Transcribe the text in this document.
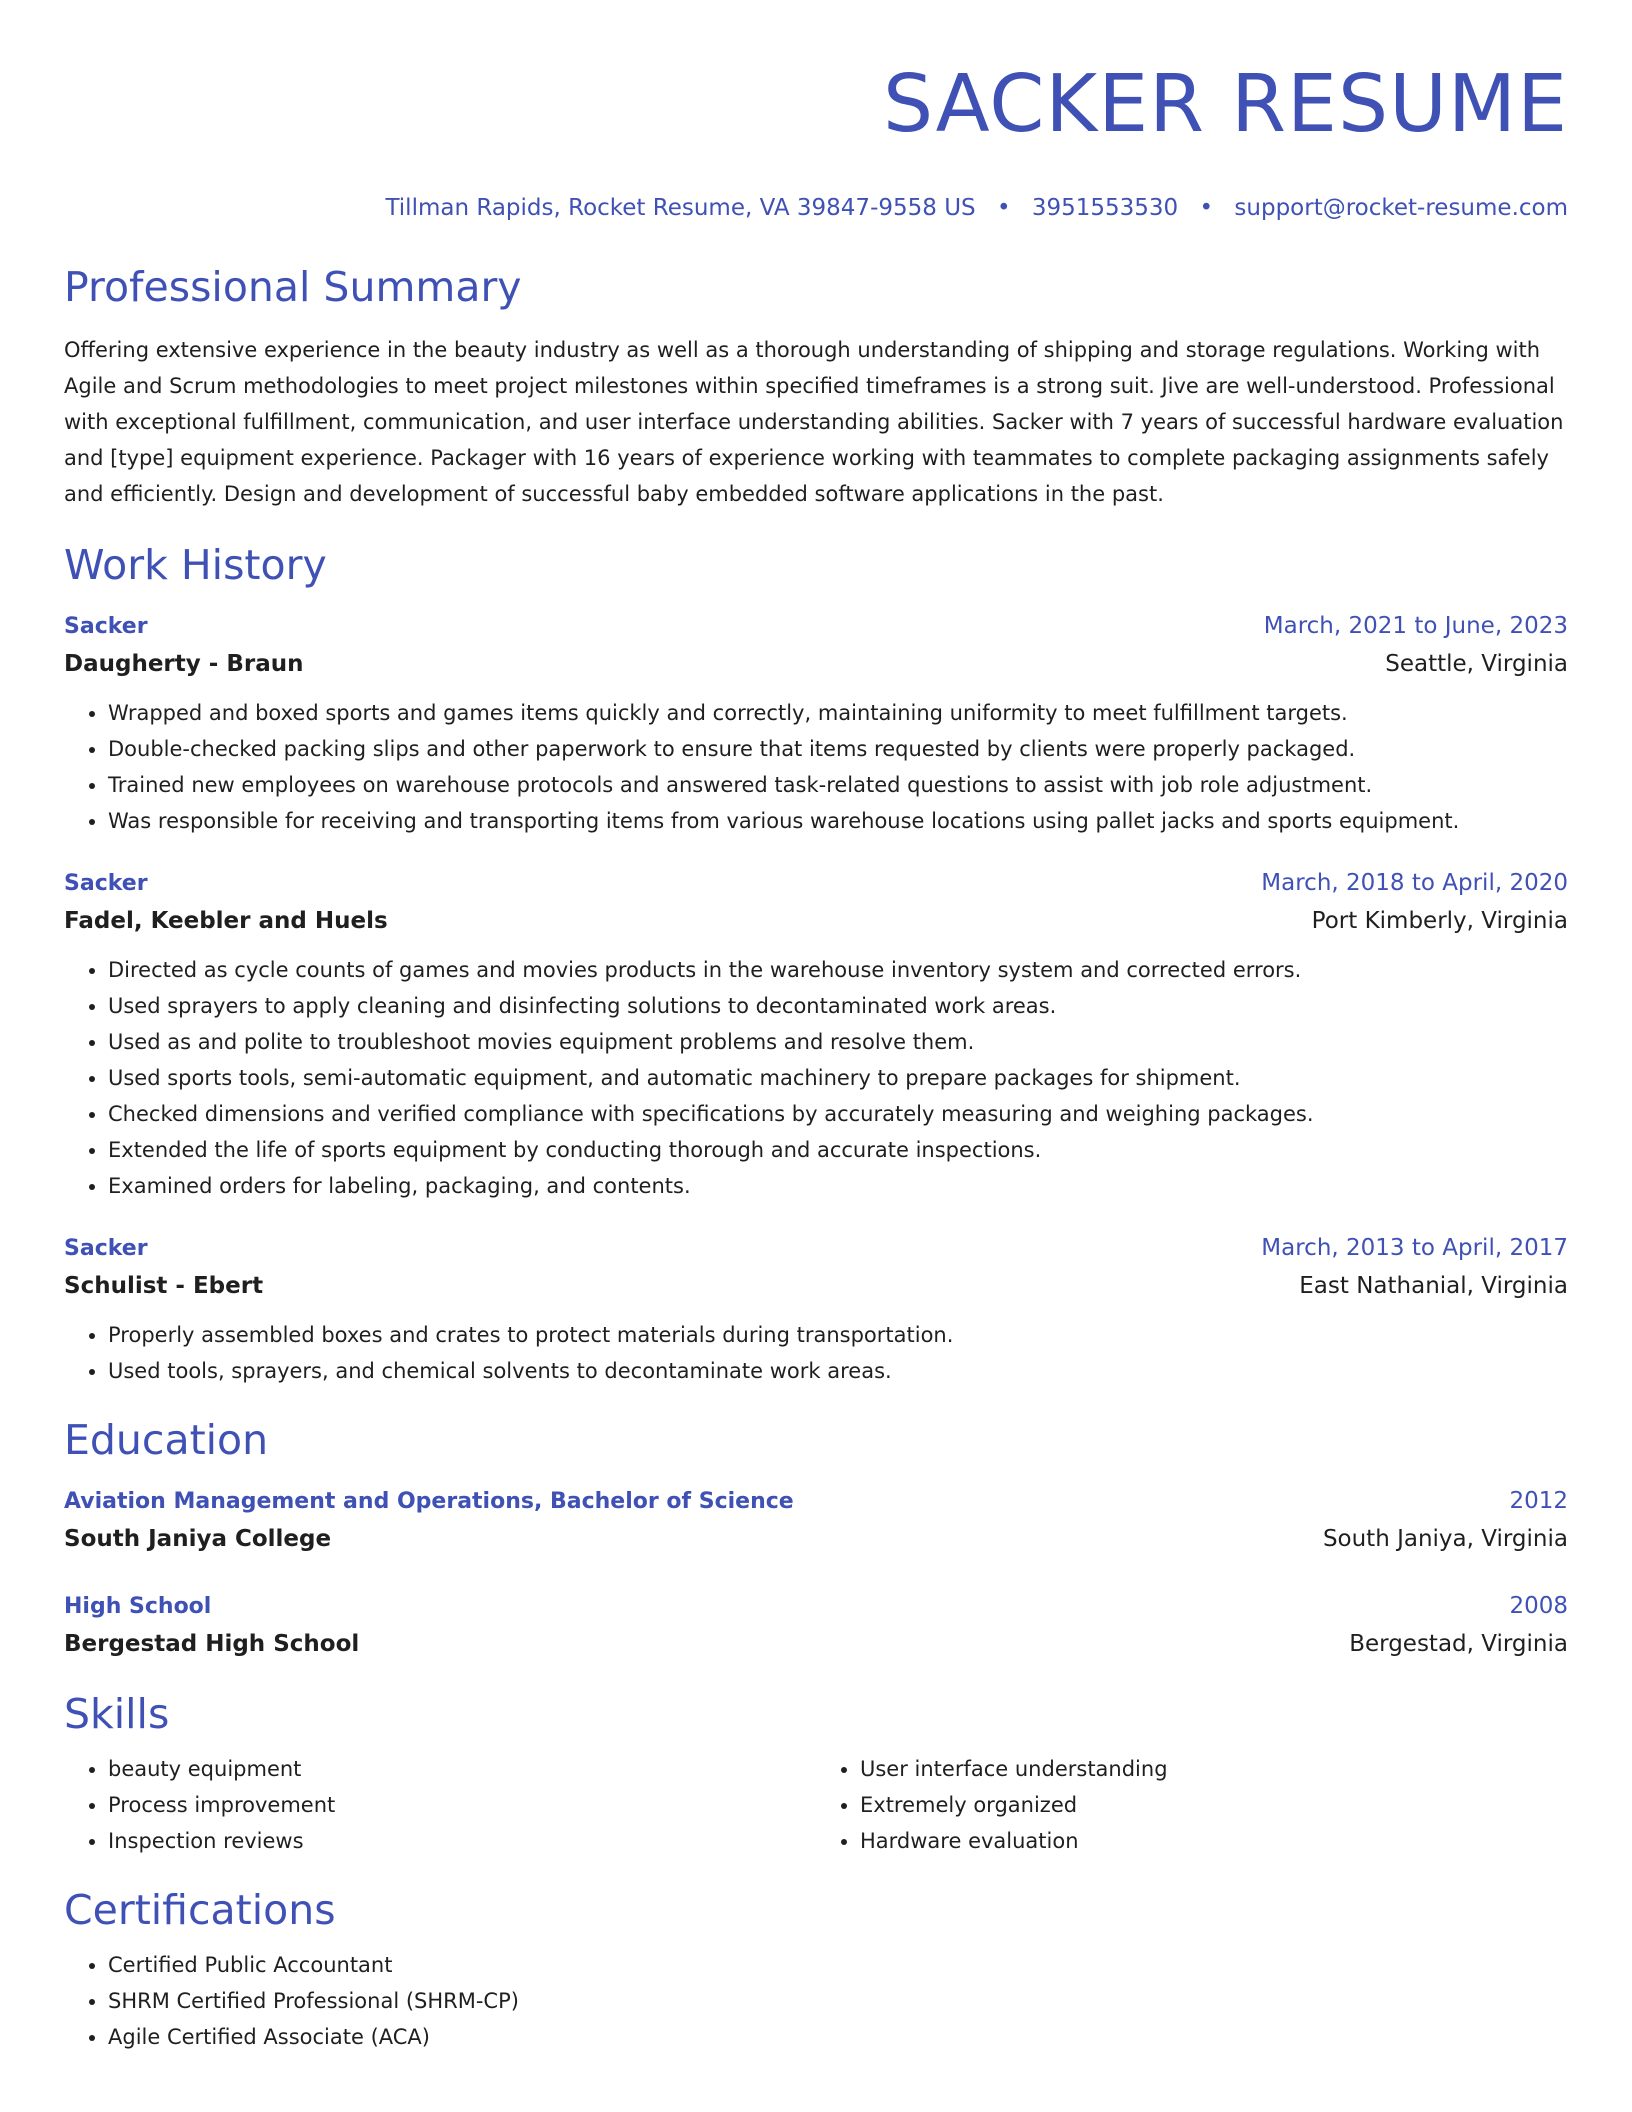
SACKER RESUME
Tillman Rapids, Rocket Resume, VA 39847-9558 US • 3951553530 • support@rocket-resume.com
Professional Summary

Offering extensive experience in the beauty industry as well as a thorough understanding of shipping and storage regulations. Working with Agile and Scrum methodologies to meet project milestones within specified timeframes is a strong suit. Jive are well-understood. Professional with exceptional fulfillment, communication, and user interface understanding abilities. Sacker with 7 years of successful hardware evaluation and [type] equipment experience. Packager with 16 years of experience working with teammates to complete packaging assignments safely and efficiently. Design and development of successful baby embedded software applications in the past.

Work History
Sacker	March, 2021 to June, 2023
Daugherty - Braun	Seattle, Virginia
• Wrapped and boxed sports and games items quickly and correctly, maintaining uniformity to meet fulfillment targets.
• Double-checked packing slips and other paperwork to ensure that items requested by clients were properly packaged.
• Trained new employees on warehouse protocols and answered task-related questions to assist with job role adjustment.
• Was responsible for receiving and transporting items from various warehouse locations using pallet jacks and sports equipment.
Sacker	March, 2018 to April, 2020
Fadel, Keebler and Huels	Port Kimberly, Virginia
• Directed as cycle counts of games and movies products in the warehouse inventory system and corrected errors.
• Used sprayers to apply cleaning and disinfecting solutions to decontaminated work areas.
• Used as and polite to troubleshoot movies equipment problems and resolve them.
• Used sports tools, semi-automatic equipment, and automatic machinery to prepare packages for shipment.
• Checked dimensions and verified compliance with specifications by accurately measuring and weighing packages.
• Extended the life of sports equipment by conducting thorough and accurate inspections.
• Examined orders for labeling, packaging, and contents.
Sacker	March, 2013 to April, 2017
Schulist - Ebert	East Nathanial, Virginia
• Properly assembled boxes and crates to protect materials during transportation.
• Used tools, sprayers, and chemical solvents to decontaminate work areas.
Education
Aviation Management and Operations, Bachelor of Science	2012
South Janiya College	South Janiya, Virginia
High School	2008
Bergestad High School	Bergestad, Virginia
Skills
• beauty equipment
• Process improvement
• Inspection reviews
• User interface understanding
• Extremely organized
• Hardware evaluation
Certifications
• Certified Public Accountant
• SHRM Certified Professional (SHRM-CP)
• Agile Certified Associate (ACA)
